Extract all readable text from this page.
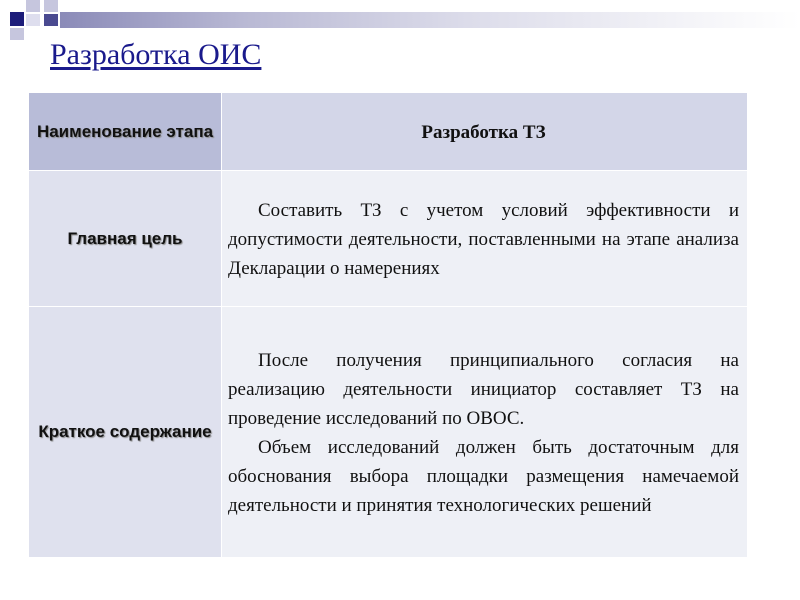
Разработка ОИС
Наименование этапа	Разработка ТЗ
Главная цель	Составить ТЗ с учетом условий эффективности и допустимости деятельности, поставленными на этапе анализа Декларации о намерениях

Краткое содержание	После получения принципиального согласия на реализацию деятельности инициатор составляет ТЗ на проведение исследований по ОВОС.

Объем исследований должен быть достаточным для обоснования выбора площадки размещения намечаемой деятельности и принятия технологических решений
